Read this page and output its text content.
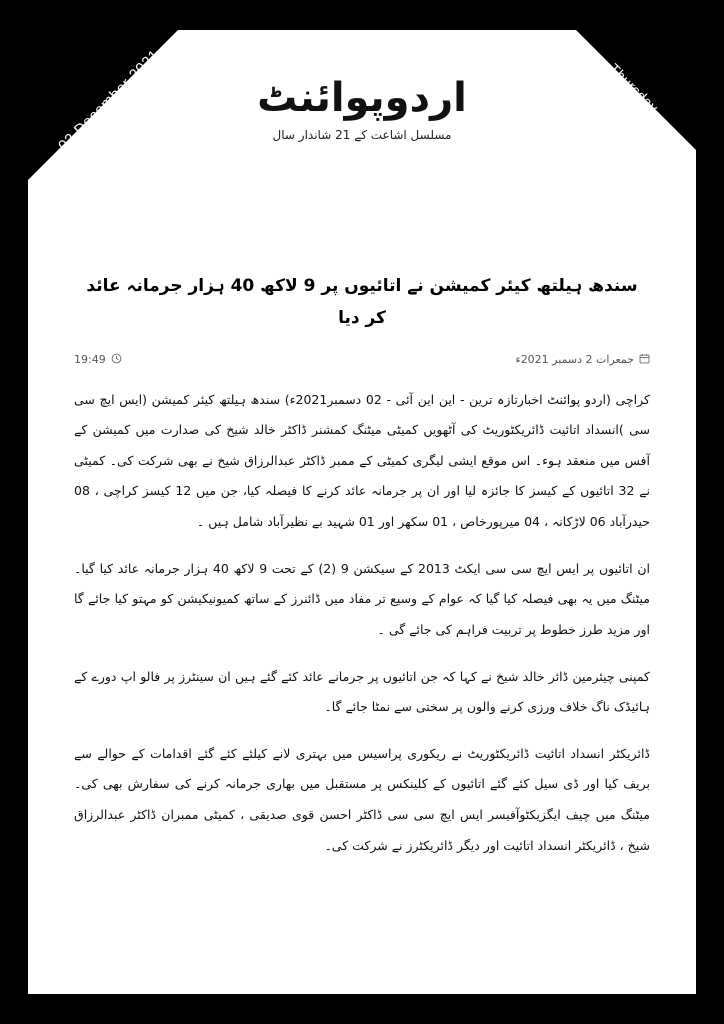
02 December 2021	Thursday
اردوپوائنٹ
مسلسل اشاعت کے 21 شاندار سال
سندھ ہیلتھ کیئر کمیشن نے اتائیوں پر 9 لاکھ 40 ہزار جرمانہ عائد کر دیا
جمعرات 2 دسمبر 2021ء
19:49

کراچی (اردو پوائنٹ اخبارتازہ ترین - این این آئی - 02 دسمبر2021ء) سندھ ہیلتھ کیئر کمیشن (ایس ایچ سی سی )انسداد اتائیت ڈائریکٹوریٹ کی آٹھویں کمیٹی میٹنگ کمشنر ڈاکٹر خالد شیخ کی صدارت میں کمیشن کے آفس میں منعقد ہوء۔ اس موقع ایشی لیگری کمیٹی کے ممبر ڈاکٹر عبدالرزاق شیخ نے بھی شرکت کی۔ کمیٹی نے 32 اتائیوں کے کیسز کا جائزہ لیا اور ان پر جرمانہ عائد کرنے کا فیصلہ کیا، جن میں 12 کیسز کراچی ، 08 حیدرآباد 06 لاڑکانہ ، 04 میرپورخاص ، 01 سکھر اور 01 شہید بے نظیرآباد شامل ہیں ۔

ان اتائیوں پر ایس ایچ سی سی ایکٹ 2013 کے سیکشن 9 (2) کے تحت 9 لاکھ 40 ہزار جرمانہ عائد کیا گیا۔ میٹنگ میں یہ بھی فیصلہ کیا گیا کہ عوام کے وسیع تر مفاد میں ڈائنرز کے ساتھ کمیونیکیشن کو مہتو کیا جائے گا اور مزید طرز خطوط پر تربیت فراہم کی جائے گی ۔

کمپنی چیئرمین ڈائر خالد شیخ نے کہا کہ جن اتائیوں پر جرمانے عائد کئے گئے ہیں ان سینٹرز پر فالو اپ دورے کے ہائیڈک ناگ خلاف ورزی کرنے والوں پر سختی سے نمٹا جائے گا۔

ڈائریکٹر انسداد اتائیت ڈائریکٹوریٹ نے ریکوری پراسیس میں بہتری لانے کیلئے کئے گئے اقدامات کے حوالے سے بریف کیا اور ڈی سیل کئے گئے اتائیوں کے کلینکس پر مستقبل میں بھاری جرمانہ کرنے کی سفارش بھی کی۔ میٹنگ میں چیف ایگزیکٹوآفیسر ایس ایچ سی سی ڈاکٹر احسن قوی صدیقی ، کمیٹی ممبران ڈاکٹر عبدالرزاق شیخ ، ڈائریکٹر انسداد اتائیت اور دیگر ڈائریکٹرز نے شرکت کی۔
